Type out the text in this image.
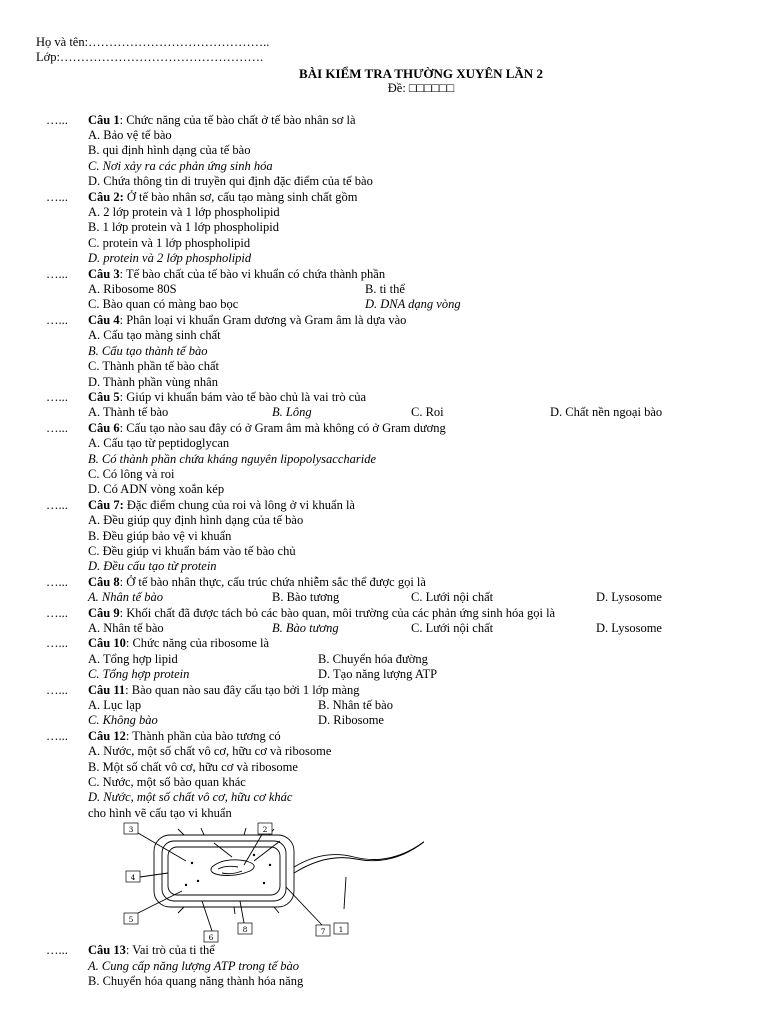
Họ và tên:……………………………………..
Lớp:………………………………………….
BÀI KIỂM TRA THƯỜNG XUYÊN LẦN 2
Đề: □□□□□□
…... Câu 1: Chức năng của tế bào chất ở tế bào nhân sơ là
A. Bảo vệ tế bào
B. qui định hình dạng của tế bào
C. Nơi xảy ra các phản ứng sinh hóa
D. Chứa thông tin di truyền qui định đặc điểm của tế bào
…... Câu 2: Ở tế bào nhân sơ, cấu tạo màng sinh chất gồm
A. 2 lớp protein và 1 lớp phospholipid
B. 1 lớp protein và 1 lớp phospholipid
C. protein và 1 lớp phospholipid
D. protein và 2 lớp phospholipid
…... Câu 3: Tế bào chất của tế bào vi khuẩn có chứa thành phần
A. Ribosome 80S	B. ti thể
C. Bào quan có màng bao bọc	D. DNA dạng vòng
…... Câu 4: Phân loại vi khuẩn Gram dương và Gram âm là dựa vào
A. Cấu tạo màng sinh chất
B. Cấu tạo thành tế bào
C. Thành phần tế bào chất
D. Thành phần vùng nhân
…... Câu 5: Giúp vi khuẩn bám vào tế bào chủ là vai trò của
A. Thành tế bào	B. Lông	C. Roi	D. Chất nền ngoại bào
…... Câu 6: Cấu tạo nào sau đây có ở Gram âm mà không có ở Gram dương
A. Cấu tạo từ peptidoglycan
B. Có thành phần chứa kháng nguyên lipopolysaccharide
C. Có lông và roi
D. Có ADN vòng xoắn kép
…... Câu 7: Đặc điểm chung của roi và lông ở vi khuẩn là
A. Đều giúp quy định hình dạng của tế bào
B. Đều giúp bảo vệ vi khuẩn
C. Đều giúp vi khuẩn bám vào tế bào chủ
D. Đều cấu tạo từ protein
…... Câu 8: Ở tế bào nhân thực, cấu trúc chứa nhiễm sắc thể được gọi là
A. Nhân tế bào	B. Bào tương	C. Lưới nội chất	D. Lysosome
…... Câu 9: Khối chất đã được tách bỏ các bào quan, môi trường của các phản ứng sinh hóa gọi là
A. Nhân tế bào	B. Bào tương	C. Lưới nội chất	D. Lysosome
…... Câu 10: Chức năng của ribosome là
A. Tổng hợp lipid	B. Chuyển hóa đường
C. Tổng hợp protein	D. Tạo năng lượng ATP
…... Câu 11: Bào quan nào sau đây cấu tạo bởi 1 lớp màng
A. Lục lạp	B. Nhân tế bào
C. Không bào	D. Ribosome
…... Câu 12: Thành phần của bào tương có
A. Nước, một số chất vô cơ, hữu cơ và ribosome
B. Một số chất vô cơ, hữu cơ và ribosome
C. Nước, một số bào quan khác
D. Nước, một số chất vô cơ, hữu cơ khác
cho hình vẽ cấu tạo vi khuẩn
1
2
3
4
5
6
7
8
…... Câu 13: Vai trò của ti thể
A. Cung cấp năng lượng ATP trong tế bào
B. Chuyển hóa quang năng thành hóa năng
